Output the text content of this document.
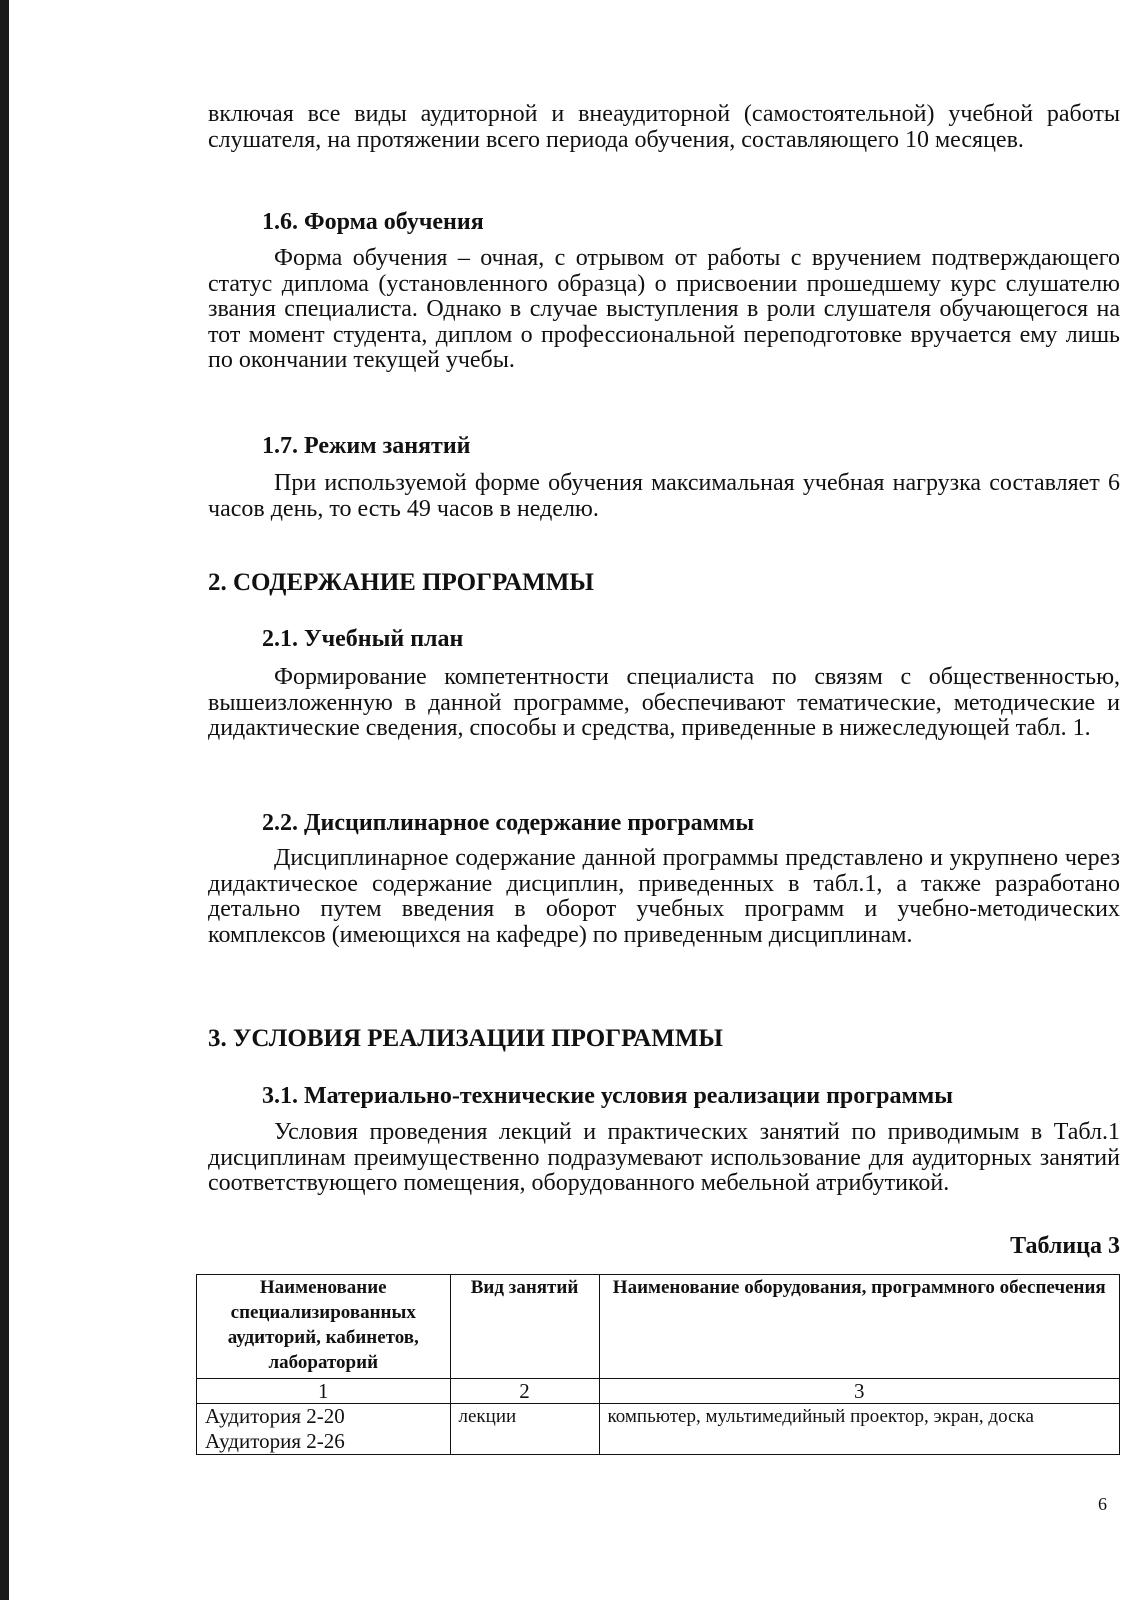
включая все виды аудиторной и внеаудиторной (самостоятельной) учебной работы слушателя, на протяжении всего периода обучения, составляющего 10 месяцев.
1.6. Форма обучения
Форма обучения – очная, с отрывом от работы с вручением подтверждающего статус диплома (установленного образца) о присвоении прошедшему курс слушателю звания специалиста. Однако в случае выступления в роли слушателя обучающегося на тот момент студента, диплом о профессиональной переподготовке вручается ему лишь по окончании текущей учебы.
1.7. Режим занятий
При используемой форме обучения максимальная учебная нагрузка составляет 6 часов день, то есть 49 часов в неделю.
2. СОДЕРЖАНИЕ ПРОГРАММЫ
2.1. Учебный план
Формирование компетентности специалиста по связям с общественностью, вышеизложенную в данной программе, обеспечивают тематические, методические и дидактические сведения, способы и средства, приведенные в нижеследующей табл. 1.
2.2. Дисциплинарное содержание программы
Дисциплинарное содержание данной программы представлено и укрупнено через дидактическое содержание дисциплин, приведенных в табл.1, а также разработано детально путем введения в оборот учебных программ и учебно-методических комплексов (имеющихся на кафедре) по приведенным дисциплинам.
3. УСЛОВИЯ РЕАЛИЗАЦИИ ПРОГРАММЫ
3.1. Материально-технические условия реализации программы
Условия проведения лекций и практических занятий по приводимым в Табл.1 дисциплинам преимущественно подразумевают использование для аудиторных занятий соответствующего помещения, оборудованного мебельной атрибутикой.
Таблица 3
Наименование специализированных аудиторий, кабинетов, лабораторий	Вид занятий	Наименование оборудования, программного обеспечения
1	2	3

Аудитория 2-20
Аудитория 2-26	лекции	компьютер, мультимедийный проектор, экран, доска
6
